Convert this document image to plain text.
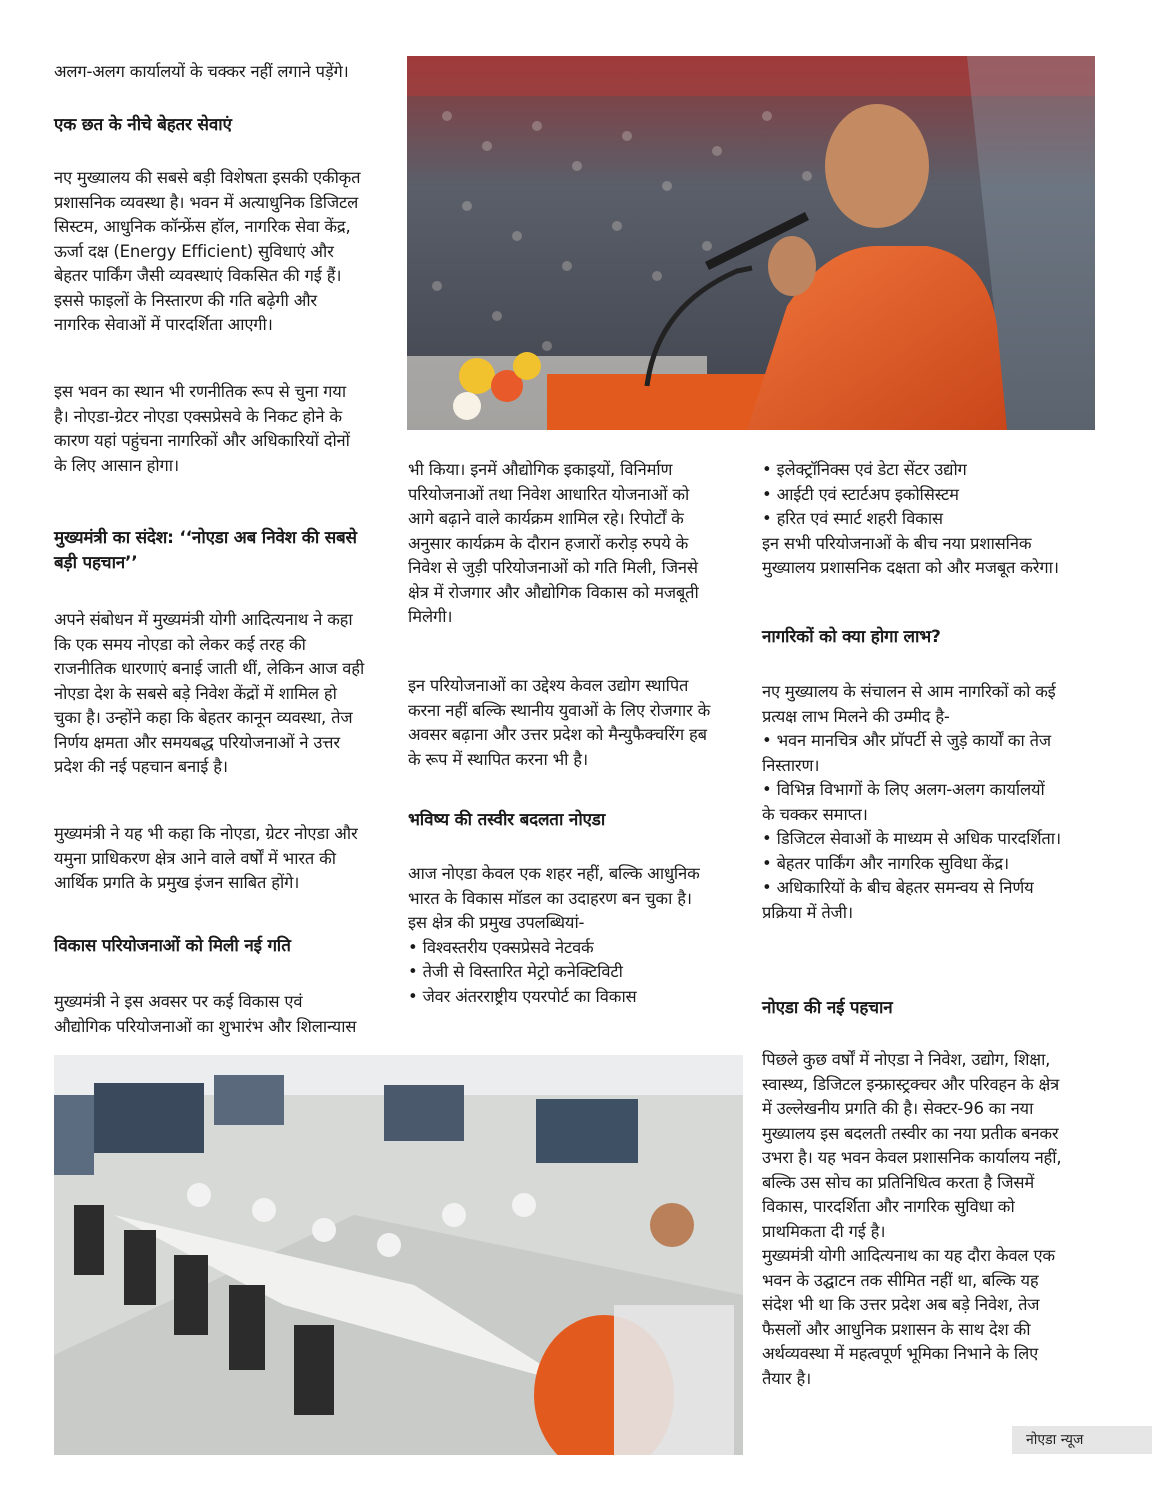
अलग-अलग कार्यालयों के चक्कर नहीं लगाने पड़ेंगे।
एक छत के नीचे बेहतर सेवाएं
नए मुख्यालय की सबसे बड़ी विशेषता इसकी एकीकृत
प्रशासनिक व्यवस्था है। भवन में अत्याधुनिक डिजिटल
सिस्टम, आधुनिक कॉन्फ्रेंस हॉल, नागरिक सेवा केंद्र,
ऊर्जा दक्ष (Energy Efficient) सुविधाएं और
बेहतर पार्किंग जैसी व्यवस्थाएं विकसित की गई हैं।
इससे फाइलों के निस्तारण की गति बढ़ेगी और
नागरिक सेवाओं में पारदर्शिता आएगी।
इस भवन का स्थान भी रणनीतिक रूप से चुना गया
है। नोएडा-ग्रेटर नोएडा एक्सप्रेसवे के निकट होने के
कारण यहां पहुंचना नागरिकों और अधिकारियों दोनों
के लिए आसान होगा।
मुख्यमंत्री का संदेश: ‘‘नोएडा अब निवेश की सबसे
बड़ी पहचान’’
अपने संबोधन में मुख्यमंत्री योगी आदित्यनाथ ने कहा
कि एक समय नोएडा को लेकर कई तरह की
राजनीतिक धारणाएं बनाई जाती थीं, लेकिन आज वही
नोएडा देश के सबसे बड़े निवेश केंद्रों में शामिल हो
चुका है। उन्होंने कहा कि बेहतर कानून व्यवस्था, तेज
निर्णय क्षमता और समयबद्ध परियोजनाओं ने उत्तर
प्रदेश की नई पहचान बनाई है।
मुख्यमंत्री ने यह भी कहा कि नोएडा, ग्रेटर नोएडा और
यमुना प्राधिकरण क्षेत्र आने वाले वर्षों में भारत की
आर्थिक प्रगति के प्रमुख इंजन साबित होंगे।
विकास परियोजनाओं को मिली नई गति
मुख्यमंत्री ने इस अवसर पर कई विकास एवं
औद्योगिक परियोजनाओं का शुभारंभ और शिलान्यास
भी किया। इनमें औद्योगिक इकाइयों, विनिर्माण
परियोजनाओं तथा निवेश आधारित योजनाओं को
आगे बढ़ाने वाले कार्यक्रम शामिल रहे। रिपोर्टों के
अनुसार कार्यक्रम के दौरान हजारों करोड़ रुपये के
निवेश से जुड़ी परियोजनाओं को गति मिली, जिनसे
क्षेत्र में रोजगार और औद्योगिक विकास को मजबूती
मिलेगी।
इन परियोजनाओं का उद्देश्य केवल उद्योग स्थापित
करना नहीं बल्कि स्थानीय युवाओं के लिए रोजगार के
अवसर बढ़ाना और उत्तर प्रदेश को मैन्युफैक्चरिंग हब
के रूप में स्थापित करना भी है।
भविष्य की तस्वीर बदलता नोएडा
आज नोएडा केवल एक शहर नहीं, बल्कि आधुनिक
भारत के विकास मॉडल का उदाहरण बन चुका है।
इस क्षेत्र की प्रमुख उपलब्धियां-
• विश्वस्तरीय एक्सप्रेसवे नेटवर्क
• तेजी से विस्तारित मेट्रो कनेक्टिविटी
• जेवर अंतरराष्ट्रीय एयरपोर्ट का विकास
• इलेक्ट्रॉनिक्स एवं डेटा सेंटर उद्योग
• आईटी एवं स्टार्टअप इकोसिस्टम
• हरित एवं स्मार्ट शहरी विकास
इन सभी परियोजनाओं के बीच नया प्रशासनिक
मुख्यालय प्रशासनिक दक्षता को और मजबूत करेगा।
नागरिकों को क्या होगा लाभ?
नए मुख्यालय के संचालन से आम नागरिकों को कई
प्रत्यक्ष लाभ मिलने की उम्मीद है-
• भवन मानचित्र और प्रॉपर्टी से जुड़े कार्यों का तेज
निस्तारण।
• विभिन्न विभागों के लिए अलग-अलग कार्यालयों
के चक्कर समाप्त।
• डिजिटल सेवाओं के माध्यम से अधिक पारदर्शिता।
• बेहतर पार्किंग और नागरिक सुविधा केंद्र।
• अधिकारियों के बीच बेहतर समन्वय से निर्णय
प्रक्रिया में तेजी।
नोएडा की नई पहचान
पिछले कुछ वर्षों में नोएडा ने निवेश, उद्योग, शिक्षा,
स्वास्थ्य, डिजिटल इन्फ्रास्ट्रक्चर और परिवहन के क्षेत्र
में उल्लेखनीय प्रगति की है। सेक्टर-96 का नया
मुख्यालय इस बदलती तस्वीर का नया प्रतीक बनकर
उभरा है। यह भवन केवल प्रशासनिक कार्यालय नहीं,
बल्कि उस सोच का प्रतिनिधित्व करता है जिसमें
विकास, पारदर्शिता और नागरिक सुविधा को
प्राथमिकता दी गई है।
मुख्यमंत्री योगी आदित्यनाथ का यह दौरा केवल एक
भवन के उद्घाटन तक सीमित नहीं था, बल्कि यह
संदेश भी था कि उत्तर प्रदेश अब बड़े निवेश, तेज
फैसलों और आधुनिक प्रशासन के साथ देश की
अर्थव्यवस्था में महत्वपूर्ण भूमिका निभाने के लिए
तैयार है।
नोएडा न्यूज
